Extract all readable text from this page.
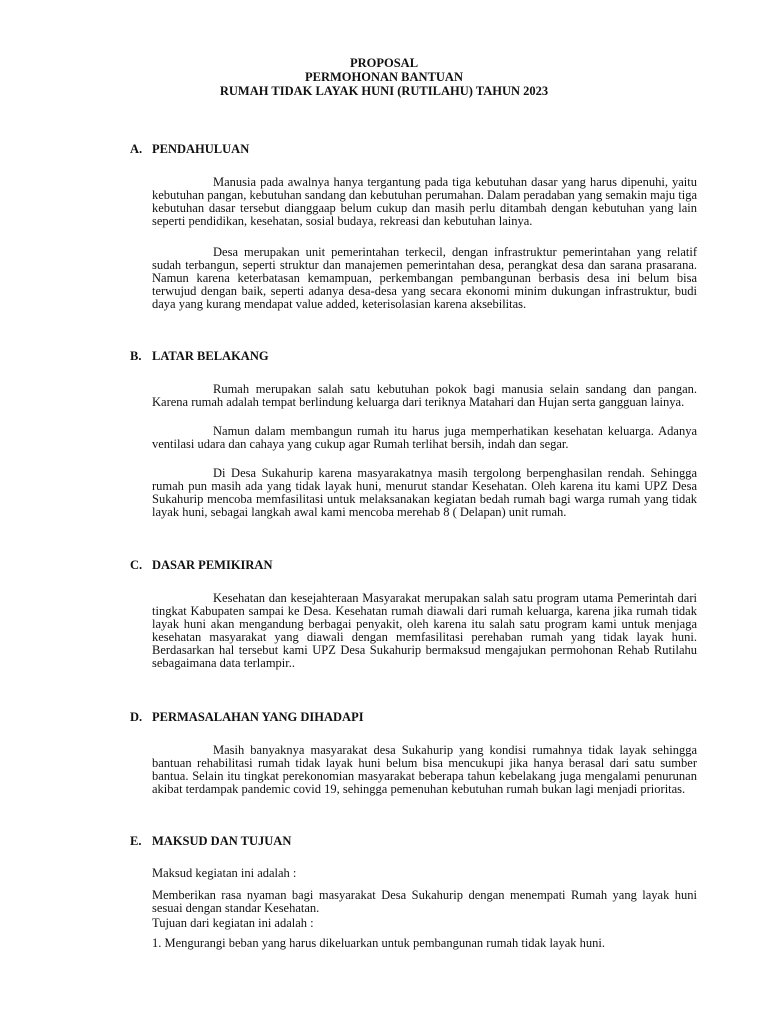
PROPOSAL
PERMOHONAN BANTUAN
RUMAH TIDAK LAYAK HUNI (RUTILAHU) TAHUN 2023
A. PENDAHULUAN

Manusia pada awalnya hanya tergantung pada tiga kebutuhan dasar yang harus dipenuhi, yaitu kebutuhan pangan, kebutuhan sandang dan kebutuhan perumahan. Dalam peradaban yang semakin maju tiga kebutuhan dasar tersebut dianggaap belum cukup dan masih perlu ditambah dengan kebutuhan yang lain seperti pendidikan, kesehatan, sosial budaya, rekreasi dan kebutuhan lainya.

Desa merupakan unit pemerintahan terkecil, dengan infrastruktur pemerintahan yang relatif sudah terbangun, seperti struktur dan manajemen pemerintahan desa, perangkat desa dan sarana prasarana. Namun karena keterbatasan kemampuan, perkembangan pembangunan berbasis desa ini belum bisa terwujud dengan baik, seperti adanya desa-desa yang secara ekonomi minim dukungan infrastruktur, budi daya yang kurang mendapat value added, keterisolasian karena aksebilitas.

B. LATAR BELAKANG

Rumah merupakan salah satu kebutuhan pokok bagi manusia selain sandang dan pangan. Karena rumah adalah tempat berlindung keluarga dari teriknya Matahari dan Hujan serta gangguan lainya.

Namun dalam membangun rumah itu harus juga memperhatikan kesehatan keluarga. Adanya ventilasi udara dan cahaya yang cukup agar Rumah terlihat bersih, indah dan segar.

Di Desa Sukahurip karena masyarakatnya masih tergolong berpenghasilan rendah. Sehingga rumah pun masih ada yang tidak layak huni, menurut standar Kesehatan. Oleh karena itu kami UPZ Desa Sukahurip mencoba memfasilitasi untuk melaksanakan kegiatan bedah rumah bagi warga rumah yang tidak layak huni, sebagai langkah awal kami mencoba merehab 8 ( Delapan) unit rumah.

C. DASAR PEMIKIRAN

Kesehatan dan kesejahteraan Masyarakat merupakan salah satu program utama Pemerintah dari tingkat Kabupaten sampai ke Desa. Kesehatan rumah diawali dari rumah keluarga, karena jika rumah tidak layak huni akan mengandung berbagai penyakit, oleh karena itu salah satu program kami untuk menjaga kesehatan masyarakat yang diawali dengan memfasilitasi perehaban rumah yang tidak layak huni. Berdasarkan hal tersebut kami UPZ Desa Sukahurip bermaksud mengajukan permohonan Rehab Rutilahu sebagaimana data terlampir..

D. PERMASALAHAN YANG DIHADAPI

Masih banyaknya masyarakat desa Sukahurip yang kondisi rumahnya tidak layak sehingga bantuan rehabilitasi rumah tidak layak huni belum bisa mencukupi jika hanya berasal dari satu sumber bantua. Selain itu tingkat perekonomian masyarakat beberapa tahun kebelakang juga mengalami penurunan akibat terdampak pandemic covid 19, sehingga pemenuhan kebutuhan rumah bukan lagi menjadi prioritas.

E. MAKSUD DAN TUJUAN

Maksud kegiatan ini adalah :

Memberikan rasa nyaman bagi masyarakat Desa Sukahurip dengan menempati Rumah yang layak huni sesuai dengan standar Kesehatan.

Tujuan dari kegiatan ini adalah :

1. Mengurangi beban yang harus dikeluarkan untuk pembangunan rumah tidak layak huni.
